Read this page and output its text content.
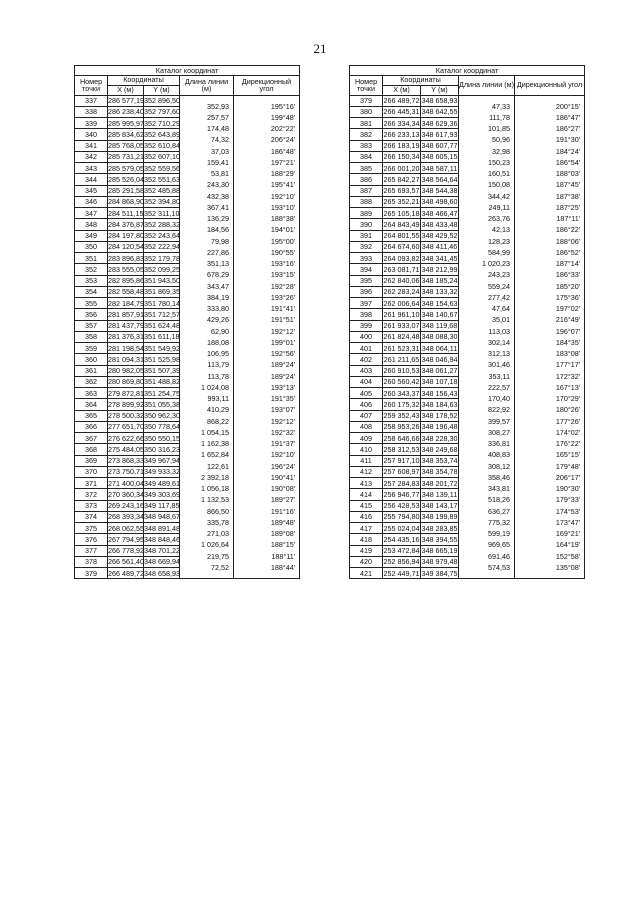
21
Каталог координат				
Номер точки	Координаты		Длина линии (м)	Дирекционный угол
	X (м)	Y (м)		
337	286 577,19	352 896,50	352,93	195°16'
338	286 238,40	352 797,60	257,57	199°48'
339	285 995,97	352 710,29	174,48	202°22'
340	285 834,62	352 643,89	74,32	206°24'
341	285 768,05	352 610,84	37,03	186°48'
342	285 731,21	352 607,10	159,41	197°21'
343	285 579,05	352 559,56	53,81	188°29'
344	285 526,04	352 551,63	243,30	195°41'
345	285 291,58	352 485,88	432,38	192°10'
346	284 868,90	352 394,80	367,41	193°10'
347	284 511,15	352 311,10	136,29	188°38'
348	284 376,87	352 288,32	184,56	194°01'
349	284 197,80	352 243,64	79,98	195°00'
350	284 120,54	352 222,94	227,86	190°55'
351	283 896,83	352 179,78	351,13	193°16'
352	283 555,05	352 099,25	678,29	193°15'
353	282 895,86	351 943,50	343,47	192°28'
354	282 558,48	351 869,35	384,19	193°26'
355	282 184,79	351 780,14	333,80	191°41'
356	281 857,91	351 712,57	429,26	191°51'
357	281 437,79	351 624,48	62,90	192°12'
358	281 376,31	351 611,18	188,08	199°01'
359	281 198,54	351 549,92	106,95	192°56'
360	281 094,31	351 525,98	113,79	189°24'
361	280 982,05	351 507,39	113,78	189°24'
362	280 869,80	351 488,82	1 024,08	193°13'
363	279 872,81	351 254,75	993,11	191°35'
364	278 899,92	351 055,38	410,29	193°07'
365	278 500,32	350 962,30	868,22	192°12'
366	277 651,70	350 778,64	1 054,15	192°32'
367	276 622,66	350 550,15	1 162,38	191°37'
368	275 484,05	350 316,23	1 652,84	192°10'
369	273 868,33	349 967,94	122,61	196°24'
370	273 750,71	349 933,32	2 392,18	190°41'
371	271 400,04	349 489,61	1 056,18	190°08'
372	270 360,34	349 303,69	1 132,53	189°27'
373	269 243,16	349 117,85	866,50	191°16'
374	268 393,34	348 948,67	335,78	189°48'
375	268 062,55	348 891,48	271,03	189°08'
376	267 794,95	348 848,46	1 026,64	188°15'
377	266 778,92	348 701,22	219,75	188°11'
378	266 561,40	348 669,94	72,52	188°44'
379	266 489,72	348 658,93		
Каталог координат				
Номер точки	Координаты		Длина линии (м)	Дирекционный угол
	X (м)	Y (м)		
379	266 489,72	348 658,93	47,33	200°15'
380	266 445,31	348 642,55	111,78	186°47'
381	266 334,34	348 629,36	101,85	186°27'
382	266 233,13	348 617,93	50,96	191°30'
383	266 183,19	348 607,77	32,98	184°24'
384	266 150,34	348 605,15	150,23	186°54'
385	266 001,20	348 587,11	160,51	188°03'
386	265 842,27	348 564,64	150,08	187°45'
387	265 693,57	348 544,38	344,42	187°38'
388	265 352,21	348 498,60	249,11	187°25'
389	265 105,18	348 466,47	263,76	187°11'
390	264 843,49	348 433,48	42,13	186°22'
391	264 801,55	348 429,52	128,23	188°06'
392	264 674,60	348 411,46	584,99	186°52'
393	264 093,82	348 341,45	1 020,23	187°14'
394	263 081,71	348 212,99	243,23	186°33'
395	262 840,06	348 185,24	559,24	185°20'
396	262 283,24	348 133,32	277,42	175°36'
397	262 006,64	348 154,63	47,64	197°02'
398	261 961,10	348 140,67	35,01	216°49'
399	261 933,07	348 119,68	113,03	196°07'
400	261 824,48	348 088,30	302,14	184°35'
401	261 523,31	348 064,11	312,13	183°08'
402	261 211,65	348 046,94	301,46	177°17'
403	260 910,53	348 061,27	353,11	172°32'
404	260 560,42	348 107,18	222,57	167°13'
405	260 343,37	348 156,43	170,40	170°29'
406	260 175,32	348 184,63	822,92	180°26'
407	259 352,43	348 178,52	399,57	177°26'
408	258 953,26	348 196,48	308,27	174°02'
409	258 646,66	348 228,30	336,81	176°22'
410	258 312,53	348 249,68	408,83	165°15'
411	257 917,10	348 353,74	308,12	179°48'
412	257 608,97	348 354,78	358,46	206°17'
413	257 284,83	348 201,72	343,81	190°30'
414	256 946,77	348 139,11	518,26	179°33'
415	256 428,53	348 143,17	636,27	174°53'
416	255 794,80	348 199,89	775,32	173°47'
417	255 024,04	348 283,85	599,19	169°21'
418	254 435,16	348 394,55	969,65	164°19'
419	253 472,84	348 665,19	691,46	152°58'
420	252 856,94	348 979,48	574,53	135°08'
421	252 449,71	349 384,75		
